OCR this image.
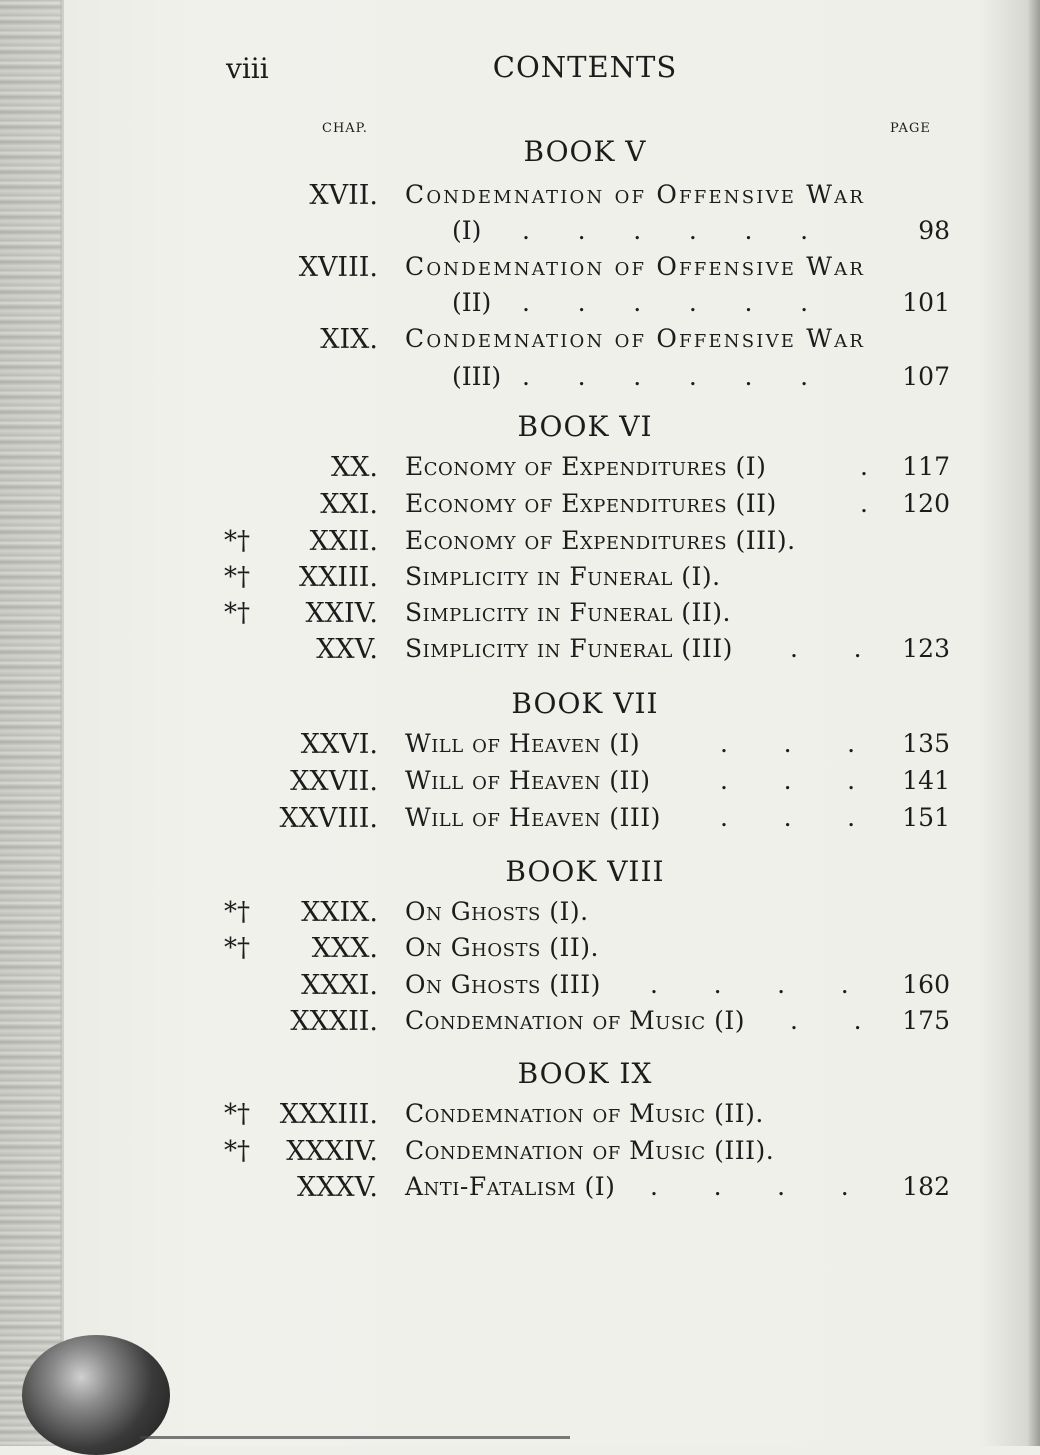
viii	CONTENTS
CHAP.	PAGE
BOOK V
XVII. Condemnation of Offensive War
(I) .      .      .      .      .      .	98
XVIII. Condemnation of Offensive War
(II) .      .      .      .      .      .	101
XIX. Condemnation of Offensive War
(III) .      .      .      .      .      .	107
BOOK VI
XX. Economy of Expenditures (I)	. 117
XXI. Economy of Expenditures (II)	. 120
*† XXII. Economy of Expenditures (III).
*† XXIII. Simplicity in Funeral (I).
*† XXIV. Simplicity in Funeral (II).
XXV. Simplicity in Funeral (III) .       . 123
BOOK VII
XXVI. Will of Heaven (I)	.       .       . 135
XXVII. Will of Heaven (II)	.       .       . 141
XXVIII. Will of Heaven (III) .       .       . 151
BOOK VIII
*† XXIX. On Ghosts (I).
*† XXX. On Ghosts (II).
XXXI. On Ghosts (III) .       .       .       . 160
XXXII. Condemnation of Music (I) .       . 175
BOOK IX
*† XXXIII. Condemnation of Music (II).
*† XXXIV. Condemnation of Music (III).
XXXV. Anti-Fatalism (I) .       .       .       . 182
